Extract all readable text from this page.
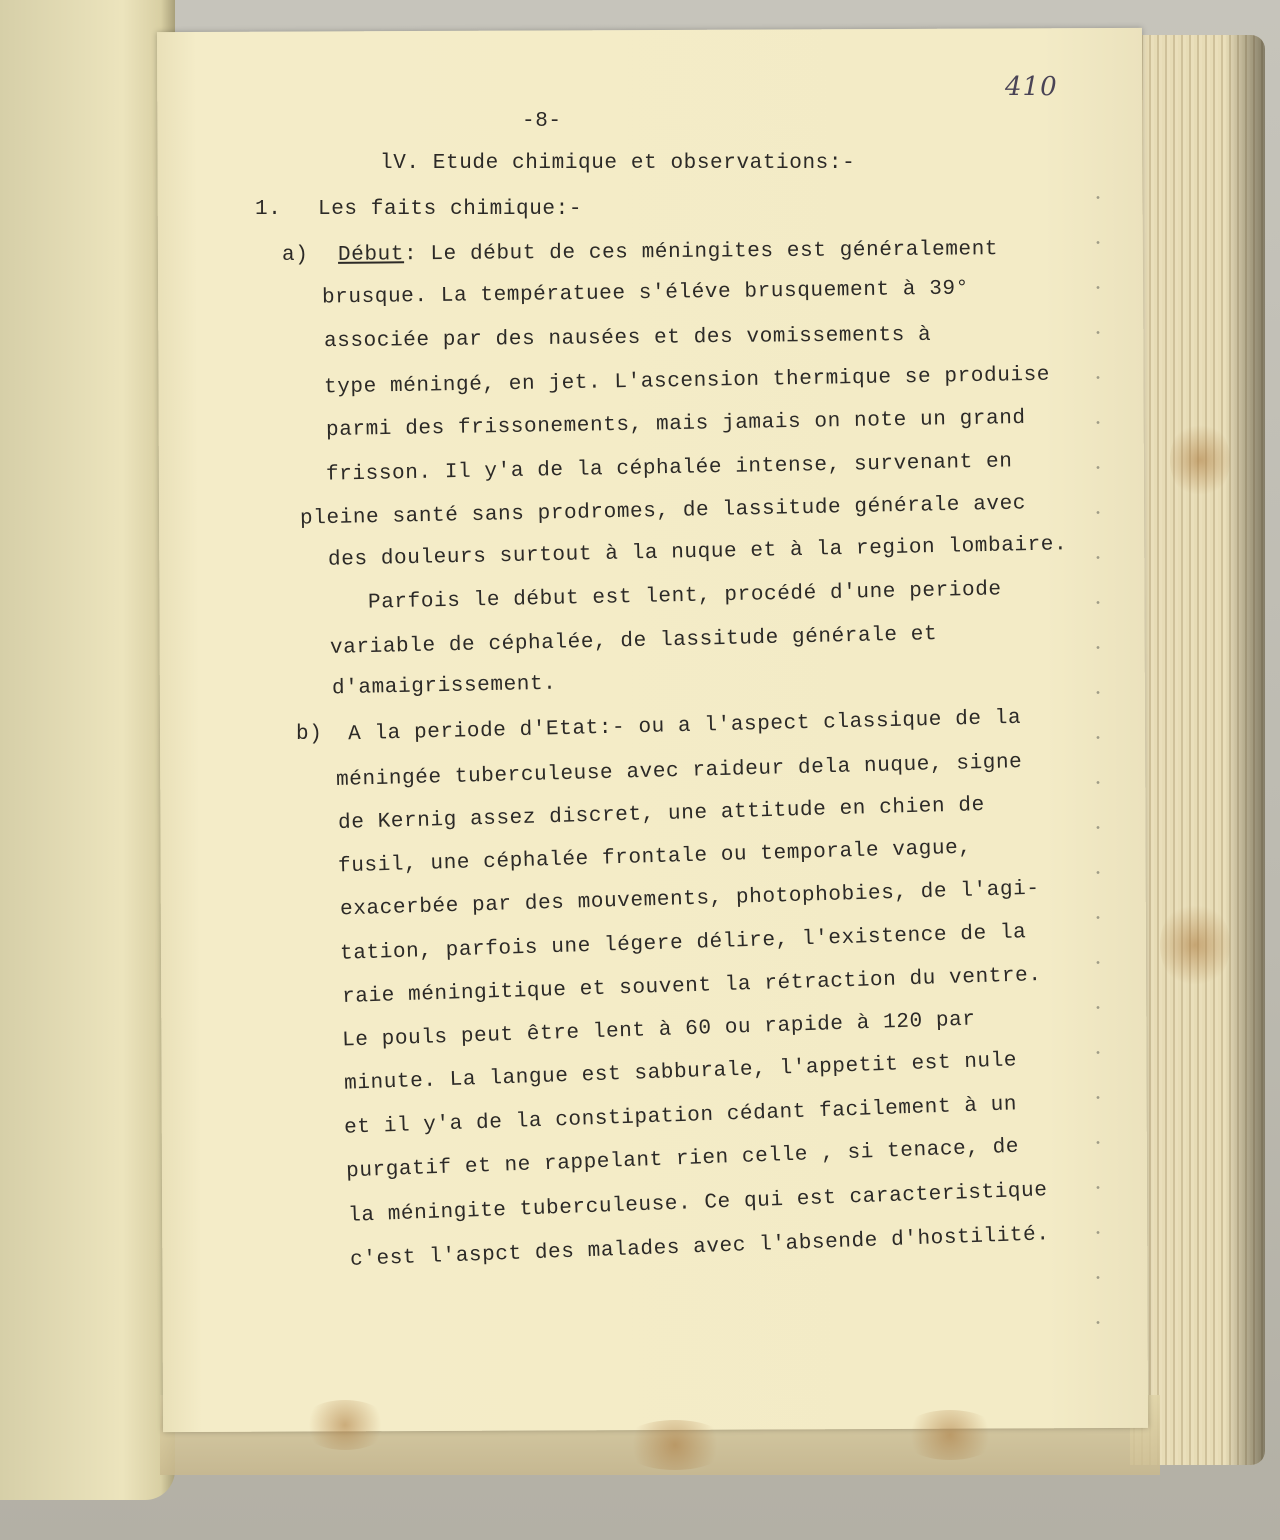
410
-8-
lV. Etude chimique et observations:-
1. Les faits chimique:-
a) Début: Le début de ces méningites est généralement
brusque. La températuee s'éléve brusquement à 39°
associée par des nausées et des vomissements à
type méningé, en jet. L'ascension thermique se produise
parmi des frissonements, mais jamais on note un grand
frisson. Il y'a de la céphalée intense, survenant en
pleine santé sans prodromes, de lassitude générale avec
des douleurs surtout à la nuque et à la region lombaire.
Parfois le début est lent, procédé d'une periode
variable de céphalée, de lassitude générale et
d'amaigrissement.
b) A la periode d'Etat:- ou a l'aspect classique de la
méningée tuberculeuse avec raideur dela nuque, signe
de Kernig assez discret, une attitude en chien de
fusil, une céphalée frontale ou temporale vague,
exacerbée par des mouvements, photophobies, de l'agi-
tation, parfois une légere délire, l'existence de la
raie méningitique et souvent la rétraction du ventre.
Le pouls peut être lent à 60 ou rapide à 120 par
minute. La langue est sabburale, l'appetit est nule
et il y'a de la constipation cédant facilement à un
purgatif et ne rappelant rien celle , si tenace, de
la méningite tuberculeuse. Ce qui est caracteristique
c'est l'aspct des malades avec l'absende d'hostilité.
